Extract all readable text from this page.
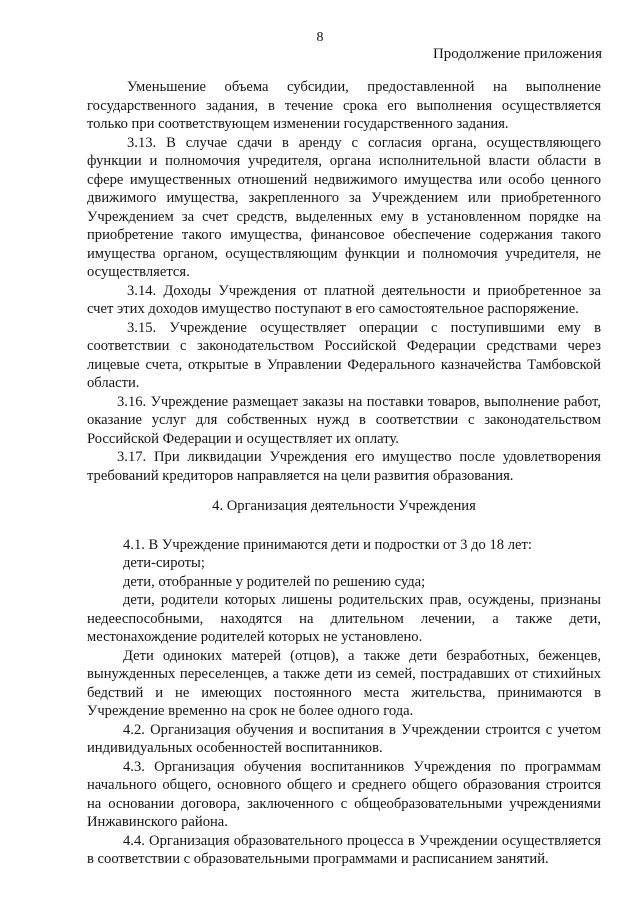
8
Продолжение приложения

Уменьшение объема субсидии, предоставленной на выполнение государственного задания, в течение срока его выполнения осуществляется только при соответствующем изменении государственного задания.

3.13. В случае сдачи в аренду с согласия органа, осуществляющего функции и полномочия учредителя, органа исполнительной власти области в сфере имущественных отношений недвижимого имущества или особо ценного движимого имущества, закрепленного за Учреждением или приобретенного Учреждением за счет средств, выделенных ему в установленном порядке на приобретение такого имущества, финансовое обеспечение содержания такого имущества органом, осуществляющим функции и полномочия учредителя, не осуществляется.

3.14. Доходы Учреждения от платной деятельности и приобретенное за счет этих доходов имущество поступают в его самостоятельное распоряжение.

3.15. Учреждение осуществляет операции с поступившими ему в соответствии с законодательством Российской Федерации средствами через лицевые счета, открытые в Управлении Федерального казначейства Тамбовской области.

3.16. Учреждение размещает заказы на поставки товаров, выполнение работ, оказание услуг для собственных нужд в соответствии с законодательством Российской Федерации и осуществляет их оплату.

3.17. При ликвидации Учреждения его имущество после удовлетворения требований кредиторов направляется на цели развития образования.

4. Организация деятельности Учреждения

4.1. В Учреждение принимаются дети и подростки от 3 до 18 лет:

дети-сироты;

дети, отобранные у родителей по решению суда;

дети, родители которых лишены родительских прав, осуждены, признаны недееспособными, находятся на длительном лечении, а также дети, местонахождение родителей которых не установлено.

Дети одиноких матерей (отцов), а также дети безработных, беженцев, вынужденных переселенцев, а также дети из семей, пострадавших от стихийных бедствий и не имеющих постоянного места жительства, принимаются в Учреждение временно на срок не более одного года.

4.2. Организация обучения и воспитания в Учреждении строится с учетом индивидуальных особенностей воспитанников.

4.3. Организация обучения воспитанников Учреждения по программам начального общего, основного общего и среднего общего образования строится на основании договора, заключенного с общеобразовательными учреждениями Инжавинского района.

4.4. Организация образовательного процесса в Учреждении осуществляется в соответствии с образовательными программами и расписанием занятий.
